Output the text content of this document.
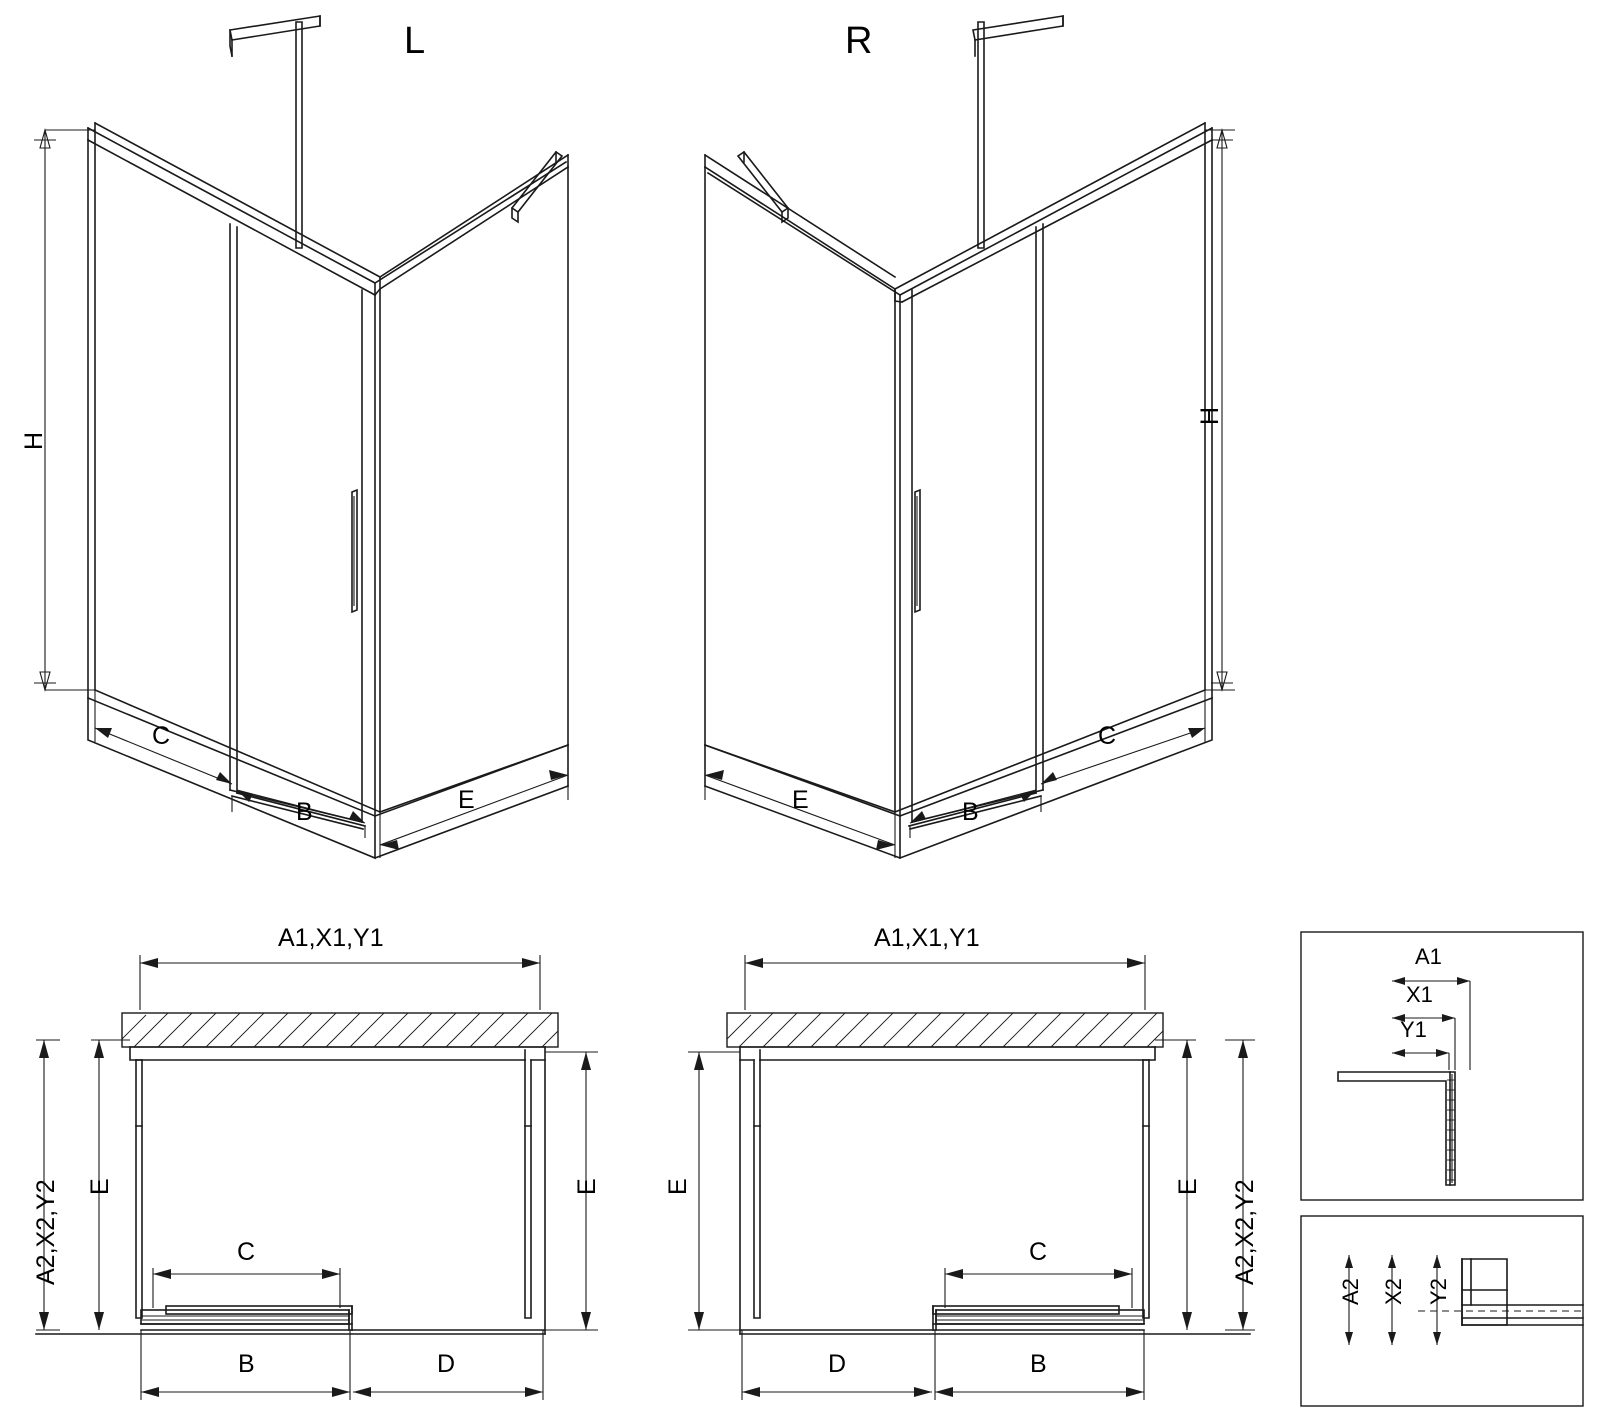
L
H
C
B	E
R
H
C
B
E
A1,X1,Y1
A2,X2,Y2 E	E
C
B	D
A1,X1,Y1
A2,X2,Y2
E	E
C
D	B
A1
X1
Y1
A2 X2 Y2
